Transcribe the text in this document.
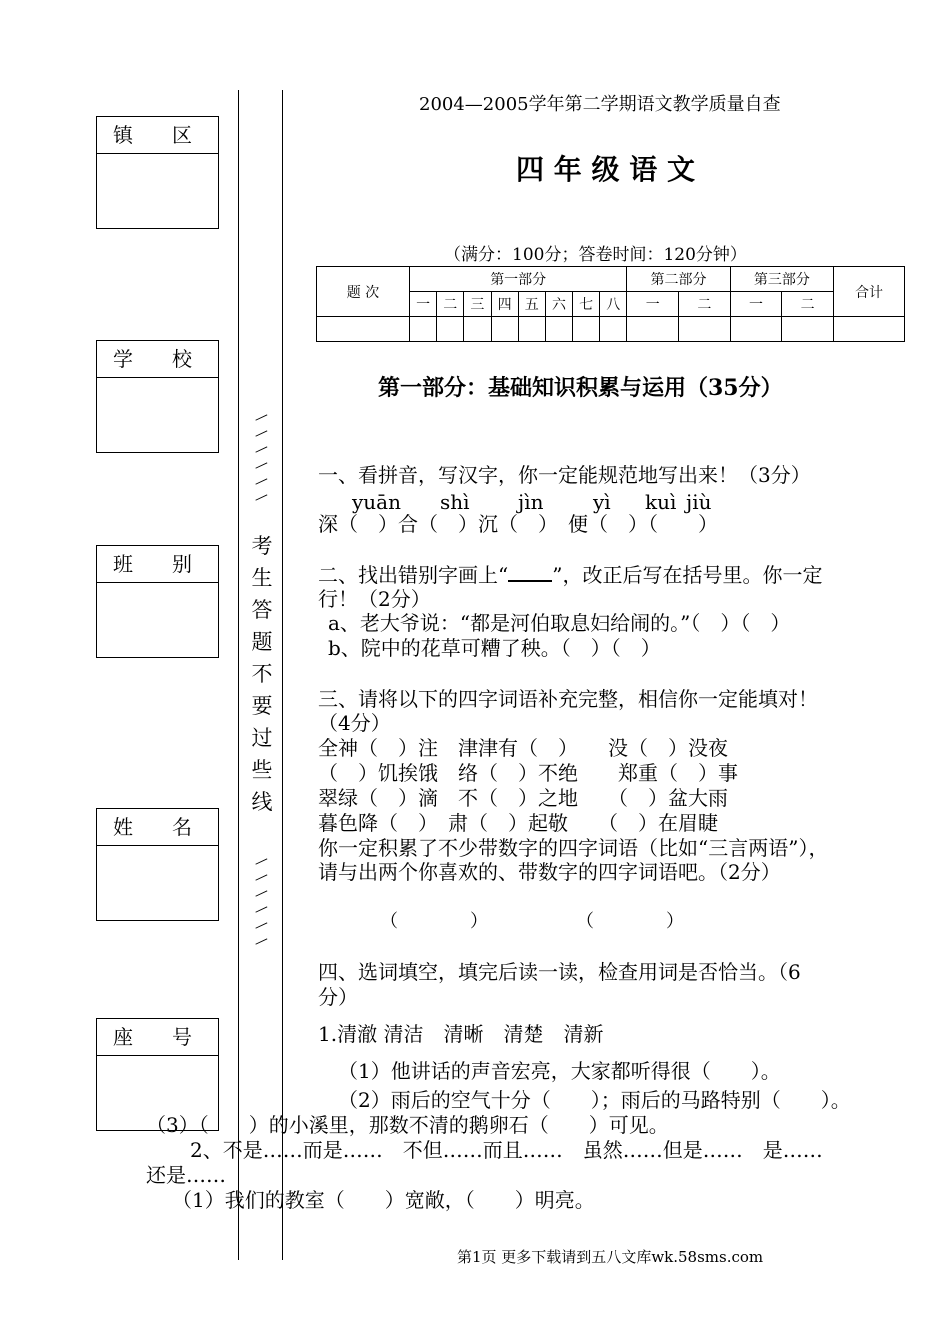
镇 区
学 校
班 别
姓 名
座 号
—
—
—
—
—
—
考
生
答
题
不
要
过
些
线
—
—
—
—
—
—
2004—2005学年第二学期语文教学质量自查
四 年 级 语 文
（满分：100分；答卷时间：120分钟）
题 次	第一部分								第二部分		第三部分		合计
	一	二	三	四	五	六	七	八	一	二	一	二	

第一部分：基础知识积累与运用（35分）
一、看拼音，写汉字，你一定能规范地写出来！（3分）
yuān shì jìn yì kuì jiù
深（　）合（　）沉（　）　便（　）（　　）
二、找出错别字画上“ ”，改正后写在括号里。你一定
行！（2分）
a、老大爷说：“都是河伯取息妇给闹的。”（　）（　）
b、院中的花草可糟了秧。（　）（　）
三、请将以下的四字词语补充完整，相信你一定能填对！
（4分）
全神（　）注　津津有（　）　　没（　）没夜
（　）饥挨饿　络（　）不绝　　郑重（　）事
翠绿（　）滴　不（　）之地　　（　）盆大雨
暮色降（　）　肃（　）起敬　　（　）在眉睫
你一定积累了不少带数字的四字词语（比如“三言两语”），
请与出两个你喜欢的、带数字的四字词语吧。（2分）
（　　　　）	（　　　　）
四、选词填空，填完后读一读，检查用词是否恰当。（6
分）
1.清澈 清洁　清晰　清楚　清新
（1）他讲话的声音宏亮，大家都听得很（　　）。
（2）雨后的空气十分（　　）；雨后的马路特别（　　）。
（3）（　　）的小溪里，那数不清的鹅卵石（　　）可见。
2、不是……而是……　不但……而且……　虽然……但是……　是……
还是……
（1）我们的教室（　　）宽敞，（　　）明亮。
第1页 更多下载请到五八文库wk.58sms.com
